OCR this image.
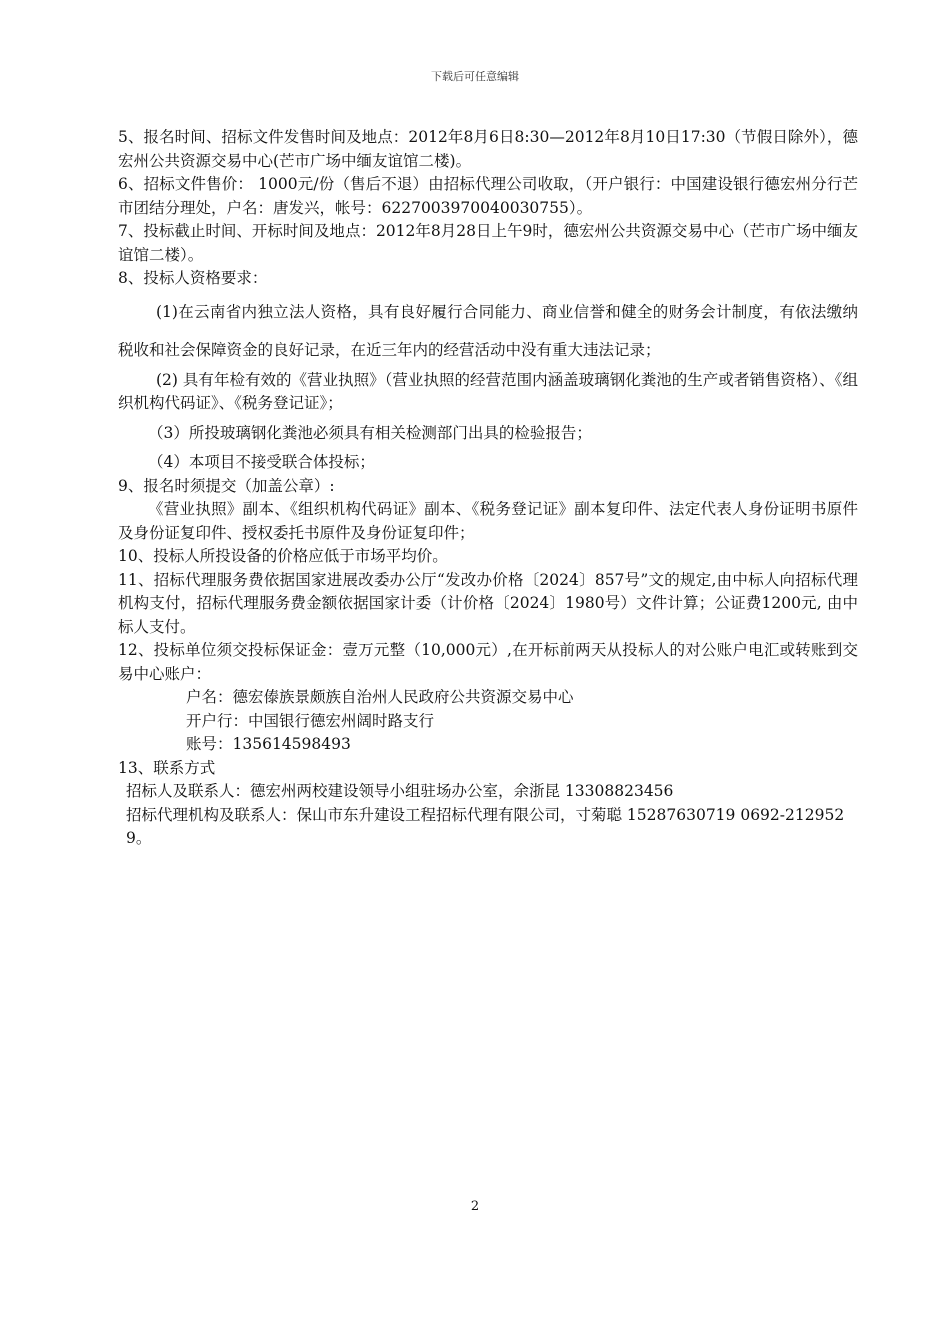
下载后可任意编辑

5、报名时间、招标文件发售时间及地点：2012年8月6日8:30—2012年8月10日17:30（节假日除外），德宏州公共资源交易中心(芒市广场中缅友谊馆二楼)。

6、招标文件售价： 1000元/份（售后不退）由招标代理公司收取，（开户银行：中国建设银行德宏州分行芒市团结分理处，户名：唐发兴，帐号：6227003970040030755）。

7、投标截止时间、开标时间及地点：2012年8月28日上午9时，德宏州公共资源交易中心（芒市广场中缅友谊馆二楼）。

8、投标人资格要求：

(1)在云南省内独立法人资格，具有良好履行合同能力、商业信誉和健全的财务会计制度，有依法缴纳税收和社会保障资金的良好记录，在近三年内的经营活动中没有重大违法记录；

(2) 具有年检有效的《营业执照》（营业执照的经营范围内涵盖玻璃钢化粪池的生产或者销售资格）、《组织机构代码证》、《税务登记证》；

（3）所投玻璃钢化粪池必须具有相关检测部门出具的检验报告；

（4）本项目不接受联合体投标；

9、报名时须提交（加盖公章）:

《营业执照》副本、《组织机构代码证》副本、《税务登记证》副本复印件、法定代表人身份证明书原件及身份证复印件、授权委托书原件及身份证复印件；

10、投标人所投设备的价格应低于市场平均价。

11、招标代理服务费依据国家进展改委办公厅“发改办价格〔2024〕857号”文的规定,由中标人向招标代理机构支付，招标代理服务费金额依据国家计委（计价格〔2024〕1980号）文件计算；公证费1200元, 由中标人支付。

12、投标单位须交投标保证金：壹万元整（10,000元）,在开标前两天从投标人的对公账户电汇或转账到交易中心账户：

户名：德宏傣族景颇族自治州人民政府公共资源交易中心

开户行：中国银行德宏州阔时路支行

账号：135614598493

13、联系方式

招标人及联系人：德宏州两校建设领导小组驻场办公室，余浙昆 13308823456

招标代理机构及联系人：保山市东升建设工程招标代理有限公司，寸菊聪 15287630719 0692-2129529。

2
